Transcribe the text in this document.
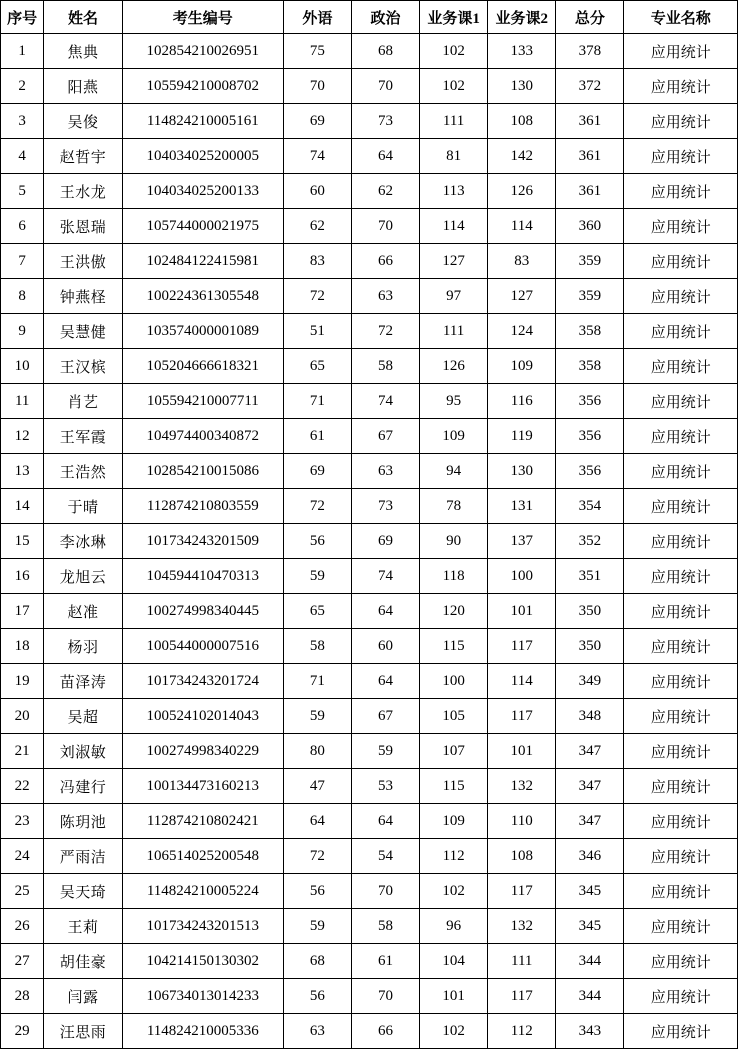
序号	姓名	考生编号	外语	政治	业务课1	业务课2	总分	专业名称
1	焦典	102854210026951	75	68	102	133	378	应用统计
2	阳燕	105594210008702	70	70	102	130	372	应用统计
3	吴俊	114824210005161	69	73	111	108	361	应用统计
4	赵哲宇	104034025200005	74	64	81	142	361	应用统计
5	王水龙	104034025200133	60	62	113	126	361	应用统计
6	张恩瑞	105744000021975	62	70	114	114	360	应用统计
7	王洪傲	102484122415981	83	66	127	83	359	应用统计
8	钟燕柽	100224361305548	72	63	97	127	359	应用统计
9	吴慧健	103574000001089	51	72	111	124	358	应用统计
10	王汉槟	105204666618321	65	58	126	109	358	应用统计
11	肖艺	105594210007711	71	74	95	116	356	应用统计
12	王军霞	104974400340872	61	67	109	119	356	应用统计
13	王浩然	102854210015086	69	63	94	130	356	应用统计
14	于晴	112874210803559	72	73	78	131	354	应用统计
15	李冰琳	101734243201509	56	69	90	137	352	应用统计
16	龙旭云	104594410470313	59	74	118	100	351	应用统计
17	赵准	100274998340445	65	64	120	101	350	应用统计
18	杨羽	100544000007516	58	60	115	117	350	应用统计
19	苗泽涛	101734243201724	71	64	100	114	349	应用统计
20	吴超	100524102014043	59	67	105	117	348	应用统计
21	刘淑敏	100274998340229	80	59	107	101	347	应用统计
22	冯建行	100134473160213	47	53	115	132	347	应用统计
23	陈玥池	112874210802421	64	64	109	110	347	应用统计
24	严雨洁	106514025200548	72	54	112	108	346	应用统计
25	吴天琦	114824210005224	56	70	102	117	345	应用统计
26	王莉	101734243201513	59	58	96	132	345	应用统计
27	胡佳豪	104214150130302	68	61	104	111	344	应用统计
28	闫露	106734013014233	56	70	101	117	344	应用统计
29	汪思雨	114824210005336	63	66	102	112	343	应用统计
